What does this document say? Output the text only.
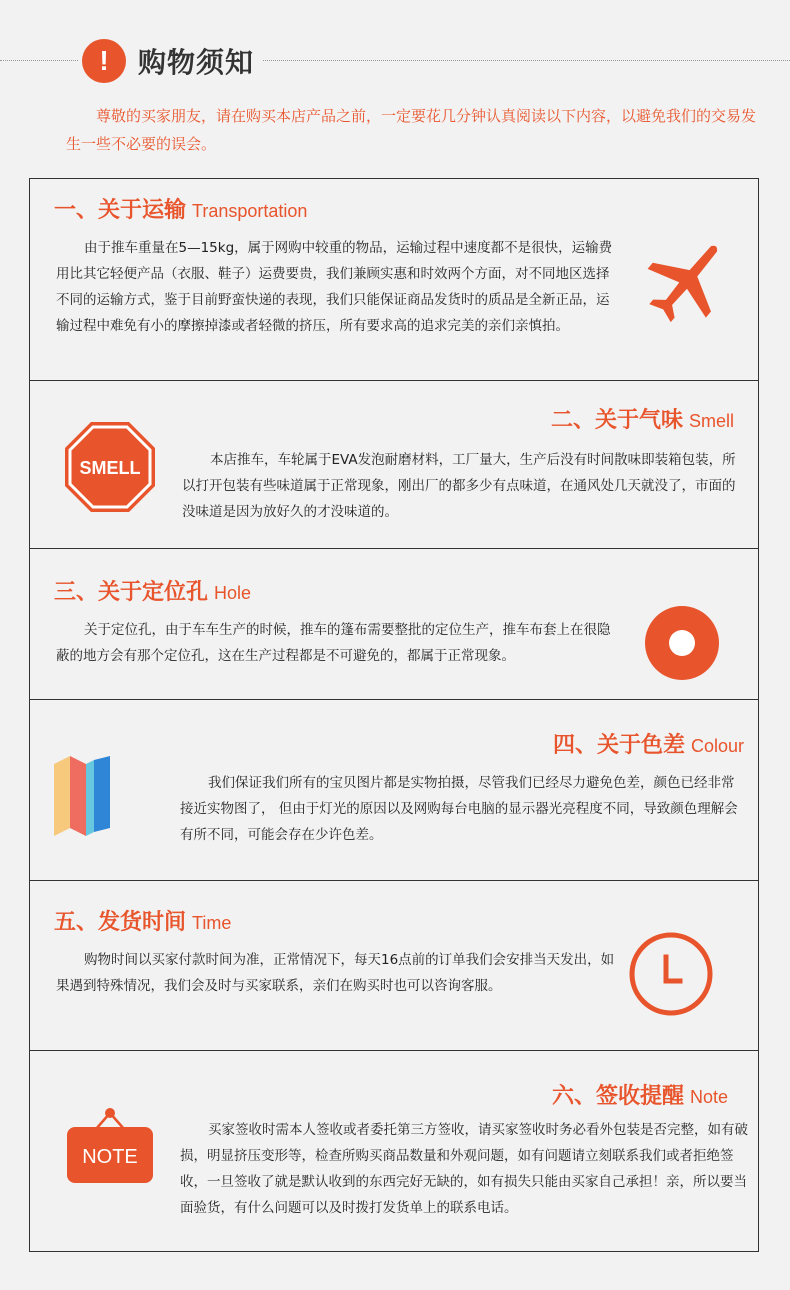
!	购物须知
尊敬的买家朋友，请在购买本店产品之前，一定要花几分钟认真阅读以下内容，以避免我们的交易发生一些不必要的误会。
一、关于运输 Transportation
由于推车重量在5—15kg，属于网购中较重的物品，运输过程中速度都不是很快，运输费用比其它轻便产品（衣服、鞋子）运费要贵，我们兼顾实惠和时效两个方面，对不同地区选择不同的运输方式，鉴于目前野蛮快递的表现，我们只能保证商品发货时的质品是全新正品，运输过程中难免有小的摩擦掉漆或者轻微的挤压，所有要求高的追求完美的亲们亲慎拍。
二、关于气味 Smell
SMELL	本店推车，车轮属于EVA发泡耐磨材料，工厂量大，生产后没有时间散味即装箱包装，所以打开包装有些味道属于正常现象，刚出厂的都多少有点味道，在通风处几天就没了，市面的没味道是因为放好久的才没味道的。
三、关于定位孔 Hole
关于定位孔，由于车车生产的时候，推车的篷布需要整批的定位生产，推车布套上在很隐蔽的地方会有那个定位孔，这在生产过程都是不可避免的，都属于正常现象。
四、关于色差 Colour
我们保证我们所有的宝贝图片都是实物拍摄，尽管我们已经尽力避免色差，颜色已经非常接近实物图了， 但由于灯光的原因以及网购每台电脑的显示器光亮程度不同，导致颜色理解会有所不同，可能会存在少许色差。
五、发货时间 Time
购物时间以买家付款时间为准，正常情况下，每天16点前的订单我们会安排当天发出，如果遇到特殊情况，我们会及时与买家联系，亲们在购买时也可以咨询客服。
六、签收提醒 Note
NOTE
买家签收时需本人签收或者委托第三方签收，请买家签收时务必看外包装是否完整，如有破损，明显挤压变形等，检查所购买商品数量和外观问题，如有问题请立刻联系我们或者拒绝签收，一旦签收了就是默认收到的东西完好无缺的，如有损失只能由买家自己承担！亲，所以要当面验货，有什么问题可以及时拨打发货单上的联系电话。
